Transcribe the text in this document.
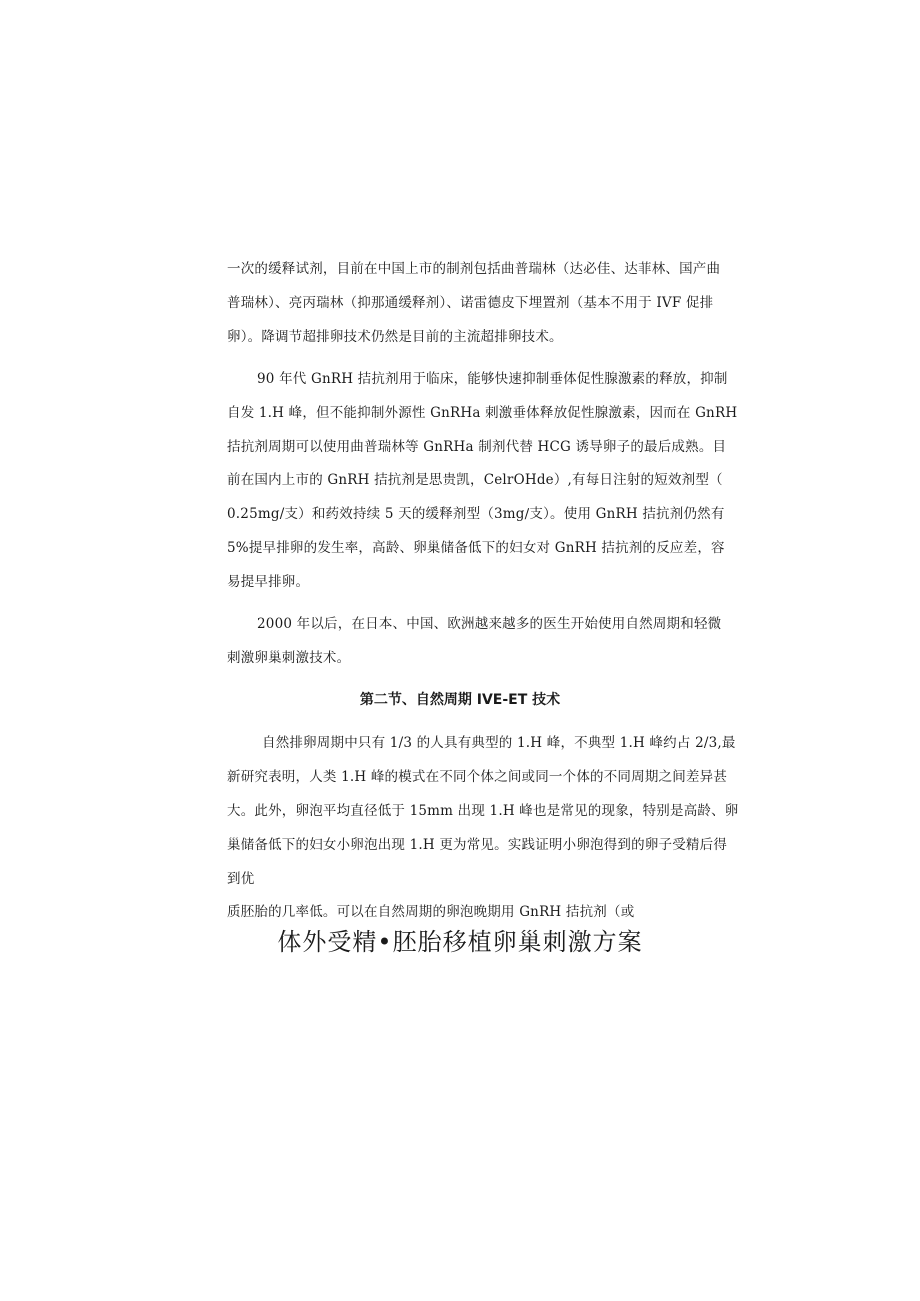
一次的缓释试剂，目前在中国上市的制剂包括曲普瑞林（达必佳、达菲林、国产曲
普瑞林）、亮丙瑞林（抑那通缓释剂）、诺雷德皮下埋置剂（基本不用于 IVF 促排
卵）。降调节超排卵技术仍然是目前的主流超排卵技术。
90 年代 GnRH 拮抗剂用于临床，能够快速抑制垂体促性腺激素的释放，抑制
自发 1.H 峰，但不能抑制外源性 GnRHa 刺激垂体释放促性腺激素，因而在 GnRH
拮抗剂周期可以使用曲普瑞林等 GnRHa 制剂代替 HCG 诱导卵子的最后成熟。目
前在国内上市的 GnRH 拮抗剂是思贵凯，CelrOHde）,有每日注射的短效剂型（
0.25mg/支）和药效持续 5 天的缓释剂型（3mg∕支）。使用 GnRH 拮抗剂仍然有
5%提早排卵的发生率，高龄、卵巢储备低下的妇女对 GnRH 拮抗剂的反应差，容
易提早排卵。
2000 年以后，在日本、中国、欧洲越来越多的医生开始使用自然周期和轻微
刺激卵巢刺激技术。
第二节、自然周期 IVE-ET 技术
自然排卵周期中只有 1/3 的人具有典型的 1.H 峰，不典型 1.H 峰约占 2/3,最
新研究表明，人类 1.H 峰的模式在不同个体之间或同一个体的不同周期之间差异甚
大。此外，卵泡平均直径低于 15mm 出现 1.H 峰也是常见的现象，特别是高龄、卵
巢储备低下的妇女小卵泡出现 1.H 更为常见。实践证明小卵泡得到的卵子受精后得
到优
质胚胎的几率低。可以在自然周期的卵泡晚期用 GnRH 拮抗剂（或
体外受精•胚胎移植卵巢刺激方案
